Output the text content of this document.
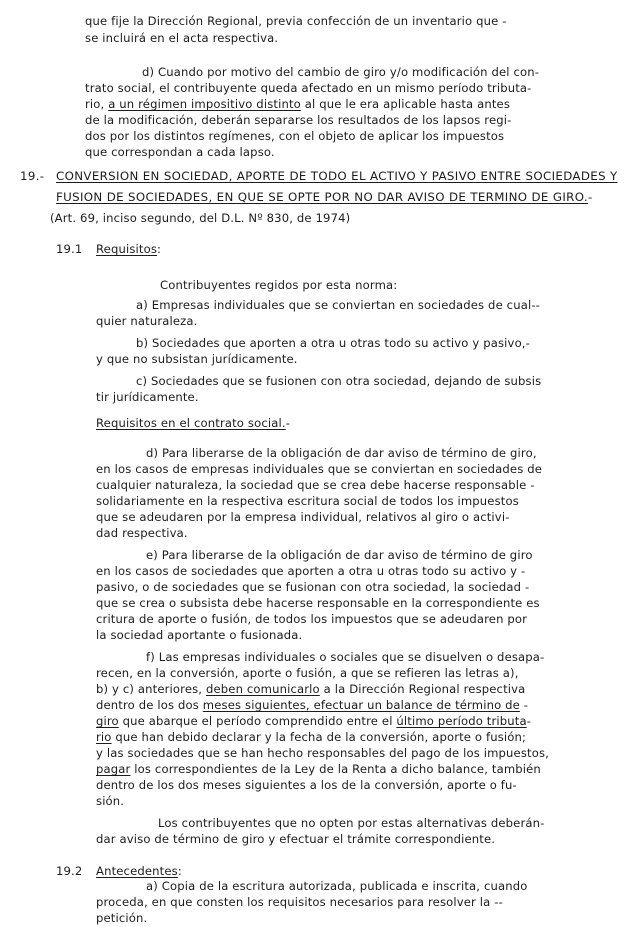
que fije la Dirección Regional, previa confección de un inventario que -
se incluirá en el acta respectiva.
d) Cuando por motivo del cambio de giro y/o modificación del con-
trato social, el contribuyente queda afectado en un mismo período tributa-
rio, a un régimen impositivo distinto al que le era aplicable hasta antes
de la modificación, deberán separarse los resultados de los lapsos regi-
dos por los distintos regímenes, con el objeto de aplicar los impuestos
que correspondan a cada lapso.
19.- CONVERSION EN SOCIEDAD, APORTE DE TODO EL ACTIVO Y PASIVO ENTRE SOCIEDADES Y
FUSION DE SOCIEDADES, EN QUE SE OPTE POR NO DAR AVISO DE TERMINO DE GIRO.-
(Art. 69, inciso segundo, del D.L. Nº 830, de 1974)
19.1 Requisitos:
Contribuyentes regidos por esta norma:
a) Empresas individuales que se conviertan en sociedades de cual--
quier naturaleza.
b) Sociedades que aporten a otra u otras todo su activo y pasivo,-
y que no subsistan jurídicamente.
c) Sociedades que se fusionen con otra sociedad, dejando de subsis
tir jurídicamente.
Requisitos en el contrato social.-
d) Para liberarse de la obligación de dar aviso de término de giro,
en los casos de empresas individuales que se conviertan en sociedades de
cualquier naturaleza, la sociedad que se crea debe hacerse responsable -
solidariamente en la respectiva escritura social de todos los impuestos
que se adeudaren por la empresa individual, relativos al giro o activi-
dad respectiva.
e) Para liberarse de la obligación de dar aviso de término de giro
en los casos de sociedades que aporten a otra u otras todo su activo y -
pasivo, o de sociedades que se fusionan con otra sociedad, la sociedad -
que se crea o subsista debe hacerse responsable en la correspondiente es
critura de aporte o fusión, de todos los impuestos que se adeudaren por
la sociedad aportante o fusionada.
f) Las empresas individuales o sociales que se disuelven o desapa-
recen, en la conversión, aporte o fusión, a que se refieren las letras a),
b) y c) anteriores, deben comunicarlo a la Dirección Regional respectiva
dentro de los dos meses siguientes, efectuar un balance de término de -
giro que abarque el período comprendido entre el último período tributa-
rio que han debido declarar y la fecha de la conversión, aporte o fusión;
y las sociedades que se han hecho responsables del pago de los impuestos,
pagar los correspondientes de la Ley de la Renta a dicho balance, también
dentro de los dos meses siguientes a los de la conversión, aporte o fu-
sión.
Los contribuyentes que no opten por estas alternativas deberán-
dar aviso de término de giro y efectuar el trámite correspondiente.
19.2 Antecedentes:
a) Copia de la escritura autorizada, publicada e inscrita, cuando
proceda, en que consten los requisitos necesarios para resolver la --
petición.
